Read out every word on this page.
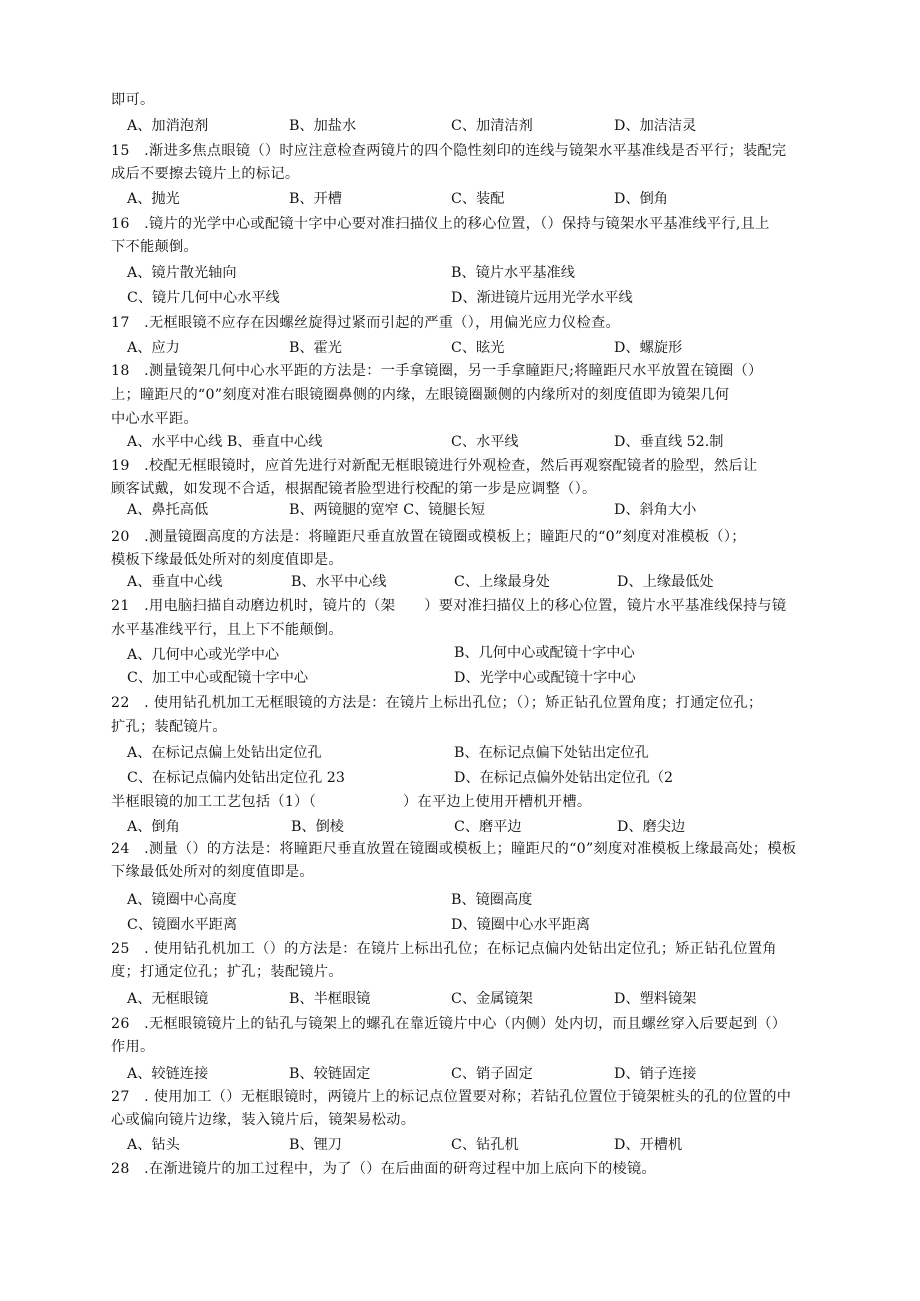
即可。
15　.渐进多焦点眼镜（）时应注意检查两镜片的四个隐性刻印的连线与镜架水平基准线是否平行；装配完
成后不要擦去镜片上的标记。
16　.镜片的光学中心或配镜十字中心要对准扫描仪上的移心位置，（）保持与镜架水平基准线平行,且上
下不能颠倒。
17　.无框眼镜不应存在因螺丝旋得过紧而引起的严重（），用偏光应力仪检查。
18　.测量镜架几何中心水平距的方法是：一手拿镜圈，另一手拿瞳距尺;将瞳距尺水平放置在镜圈（）
上；瞳距尺的“0”刻度对准右眼镜圈鼻侧的内缘，左眼镜圈颞侧的内缘所对的刻度值即为镜架几何
中心水平距。
19　.校配无框眼镜时，应首先进行对新配无框眼镜进行外观检查，然后再观察配镜者的脸型，然后让
顾客试戴，如发现不合适，根据配镜者脸型进行校配的第一步是应调整（）。
20　.测量镜圈高度的方法是：将瞳距尺垂直放置在镜圈或模板上；瞳距尺的“0”刻度对准模板（）；
模板下缘最低处所对的刻度值即是。
21　.用电脑扫描自动磨边机时，镜片的（架　　）要对准扫描仪上的移心位置，镜片水平基准线保持与镜
水平基准线平行，且上下不能颠倒。
22　. 使用钻孔机加工无框眼镜的方法是：在镜片上标出孔位；（）；矫正钻孔位置角度；打通定位孔；
扩孔；装配镜片。
半框眼镜的加工工艺包括（1）（　　　　　　）在平边上使用开槽机开槽。
24　.测量（）的方法是：将瞳距尺垂直放置在镜圈或模板上；瞳距尺的“0”刻度对准模板上缘最高处；模板
下缘最低处所对的刻度值即是。
25　. 使用钻孔机加工（）的方法是：在镜片上标出孔位；在标记点偏内处钻出定位孔；矫正钻孔位置角
度；打通定位孔；扩孔；装配镜片。
26　.无框眼镜镜片上的钻孔与镜架上的螺孔在靠近镜片中心（内侧）处内切，而且螺丝穿入后要起到（）
作用。
27　. 使用加工（）无框眼镜时，两镜片上的标记点位置要对称；若钻孔位置位于镜架桩头的孔的位置的中
心或偏向镜片边缘，装入镜片后，镜架易松动。
28　.在渐进镜片的加工过程中，为了（）在后曲面的研弯过程中加上底向下的棱镜。
A、加消泡剂	B、加盐水	C、加清洁剂	D、加洁洁灵
A、抛光	B、开槽	C、装配	D、倒角
A、镜片散光轴向	B、镜片水平基准线
C、镜片几何中心水平线	D、渐进镜片远用光学水平线
A、应力	B、霍光	C、眩光	D、螺旋形
A、水平中心线 B、垂直中心线	C、水平线	D、垂直线 52.制
A、鼻托高低	B、两镜腿的宽窄 C、镜腿长短	D、斜角大小
A、垂直中心线	B、水平中心线	C、上缘最身处	D、上缘最低处
A、几何中心或光学中心	B、几何中心或配镜十字中心
C、加工中心或配镜十字中心	D、光学中心或配镜十字中心
A、在标记点偏上处钻出定位孔	B、在标记点偏下处钻出定位孔
C、在标记点偏内处钻出定位孔 23	D、在标记点偏外处钻出定位孔（2
A、倒角	B、倒棱	C、磨平边	D、磨尖边
A、镜圈中心高度	B、镜圈高度
C、镜圈水平距离	D、镜圈中心水平距离
A、无框眼镜	B、半框眼镜	C、金属镜架	D、塑料镜架
A、较链连接	B、较链固定	C、销子固定	D、销子连接
A、钻头	B、锂刀	C、钻孔机	D、开槽机
